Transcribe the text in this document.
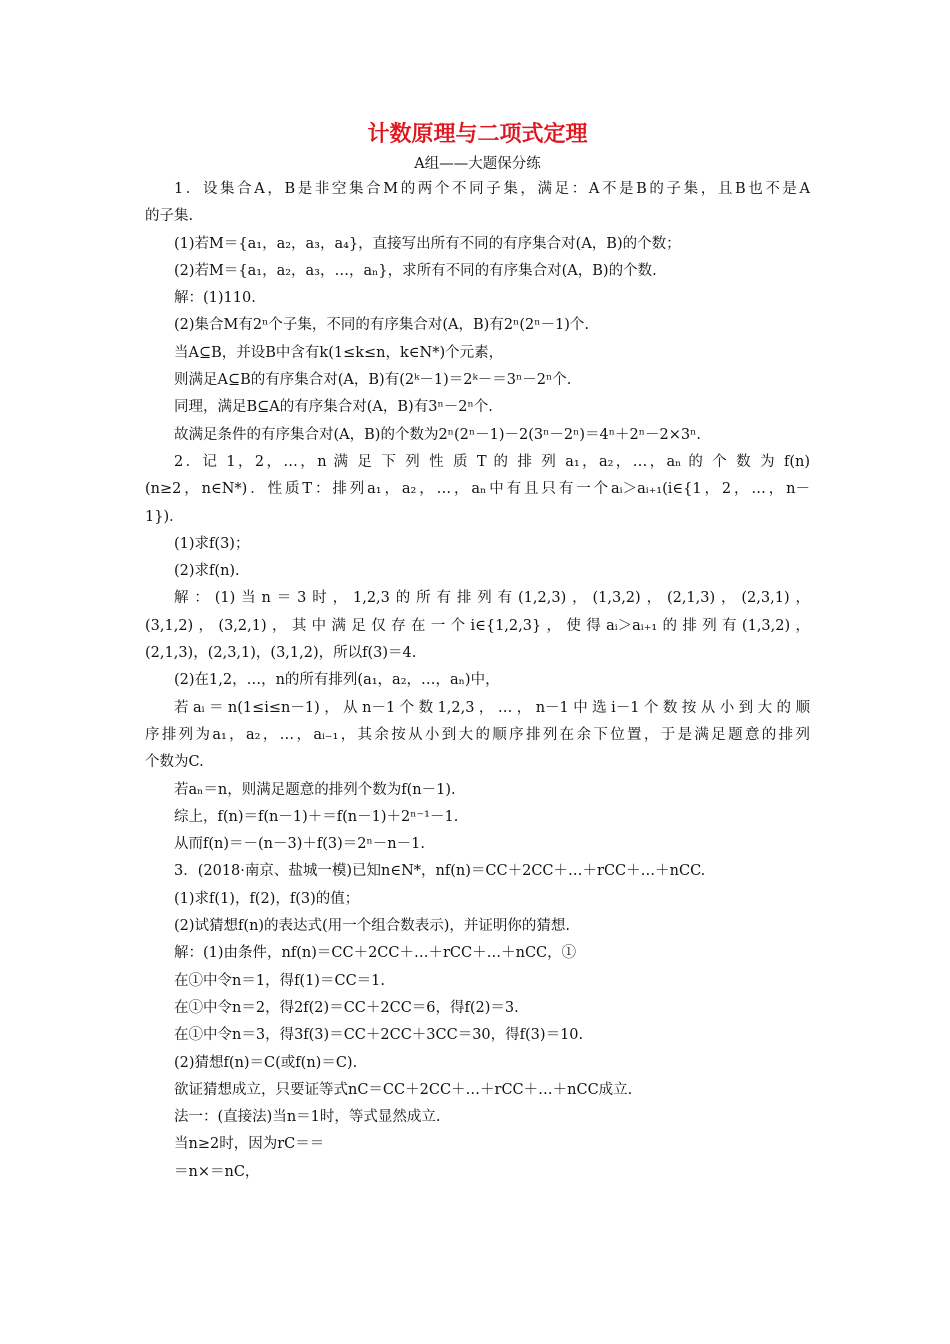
计数原理与二项式定理

A组——大题保分练

1．设集合A，B是非空集合M的两个不同子集，满足：A不是B的子集，且B也不是A

的子集.

(1)若M＝{a₁，a₂，a₃，a₄}，直接写出所有不同的有序集合对(A，B)的个数；

(2)若M＝{a₁，a₂，a₃，…，aₙ}，求所有不同的有序集合对(A，B)的个数.

解：(1)110.

(2)集合M有2ⁿ个子集，不同的有序集合对(A，B)有2ⁿ(2ⁿ－1)个.

当A⊆B，并设B中含有k(1≤k≤n，k∈N*)个元素，

则满足A⊆B的有序集合对(A，B)有(2ᵏ－1)＝2ᵏ－＝3ⁿ－2ⁿ个.

同理，满足B⊆A的有序集合对(A，B)有3ⁿ－2ⁿ个.

故满足条件的有序集合对(A，B)的个数为2ⁿ(2ⁿ－1)－2(3ⁿ－2ⁿ)＝4ⁿ＋2ⁿ－2×3ⁿ.

2．记 1，2，…，n 满 足 下 列 性 质 T 的 排 列 a₁，a₂，…，aₙ 的 个 数 为 f(n)

(n≥2，n∈N*)．性质T：排列a₁，a₂，…，aₙ中有且只有一个aᵢ＞aᵢ₊₁(i∈{1，2，…，n－

1})．

(1)求f(3)；

(2)求f(n).

解：(1)当n＝3时，1,2,3的所有排列有(1,2,3)，(1,3,2)，(2,1,3)，(2,3,1)，

(3,1,2)，(3,2,1)，其中满足仅存在一个i∈{1,2,3}，使得aᵢ＞aᵢ₊₁的排列有(1,3,2)，

(2,1,3)，(2,3,1)，(3,1,2)，所以f(3)＝4.

(2)在1,2，…，n的所有排列(a₁，a₂，…，aₙ)中，

若aᵢ＝n(1≤i≤n－1)，从n－1个数1,2,3，…，n－1中选i－1个数按从小到大的顺

序排列为a₁，a₂，…，aᵢ₋₁，其余按从小到大的顺序排列在余下位置，于是满足题意的排列

个数为C.

若aₙ＝n，则满足题意的排列个数为f(n－1).

综上，f(n)＝f(n－1)＋＝f(n－1)＋2ⁿ⁻¹－1.

从而f(n)＝－(n－3)＋f(3)＝2ⁿ－n－1.

3．(2018·南京、盐城一模)已知n∈N*，nf(n)＝CC＋2CC＋…＋rCC＋…＋nCC.

(1)求f(1)，f(2)，f(3)的值；

(2)试猜想f(n)的表达式(用一个组合数表示)，并证明你的猜想.

解：(1)由条件，nf(n)＝CC＋2CC＋…＋rCC＋…＋nCC，①

在①中令n＝1，得f(1)＝CC＝1.

在①中令n＝2，得2f(2)＝CC＋2CC＝6，得f(2)＝3.

在①中令n＝3，得3f(3)＝CC＋2CC＋3CC＝30，得f(3)＝10.

(2)猜想f(n)＝C(或f(n)＝C).

欲证猜想成立，只要证等式nC＝CC＋2CC＋…＋rCC＋…＋nCC成立.

法一：(直接法)当n＝1时，等式显然成立.

当n≥2时，因为rC＝＝

＝n×＝nC，
